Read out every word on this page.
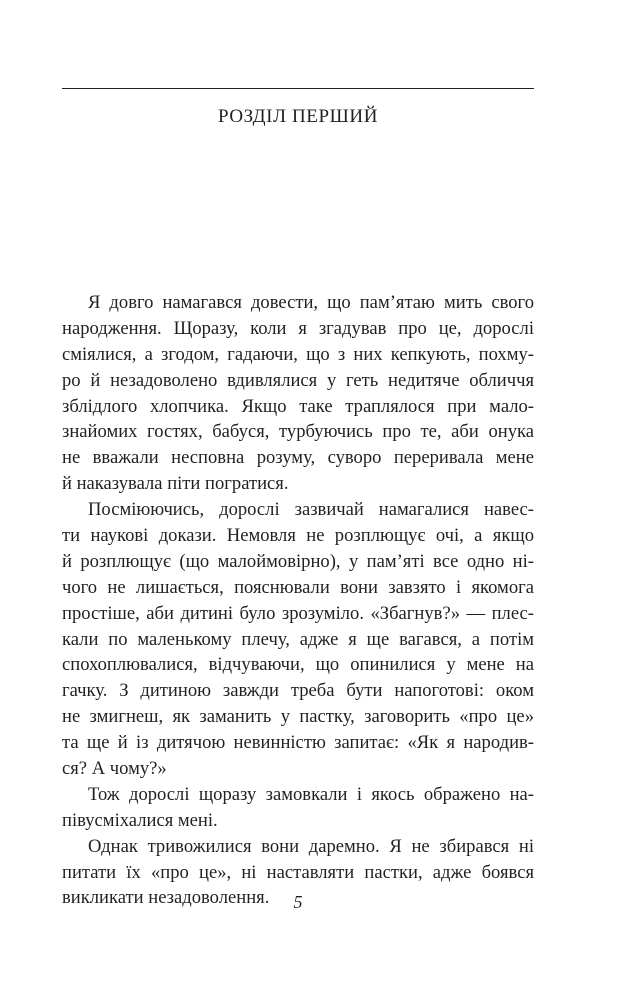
РОЗДІЛ ПЕРШИЙ
Я довго намагався довести, що пам’ятаю мить свого
народження. Щоразу, коли я згадував про це, дорослі
сміялися, а згодом, гадаючи, що з них кепкують, похму-
ро й незадоволено вдивлялися у геть недитяче обличчя
зблідлого хлопчика. Якщо таке траплялося при мало-
знайомих гостях, бабуся, турбуючись про те, аби онука
не вважали несповна розуму, суворо переривала мене
й наказувала піти погратися.
Посміюючись, дорослі зазвичай намагалися навес-
ти наукові докази. Немовля не розплющує очі, а якщо
й розплющує (що малоймовірно), у пам’яті все одно ні-
чого не лишається, пояснювали вони завзято і якомога
простіше, аби дитині було зрозуміло. «Збагнув?» — плес-
кали по маленькому плечу, адже я ще вагався, а потім
спохоплювалися, відчуваючи, що опинилися у мене на
гачку. З дитиною завжди треба бути напоготові: оком
не змигнеш, як заманить у пастку, заговорить «про це»
та ще й із дитячою невинністю запитає: «Як я народив-
ся? А чому?»
Тож дорослі щоразу замовкали і якось ображено на-
півусміхалися мені.
Однак тривожилися вони даремно. Я не збирався ні
питати їх «про це», ні наставляти пастки, адже боявся
викликати незадоволення.	5
